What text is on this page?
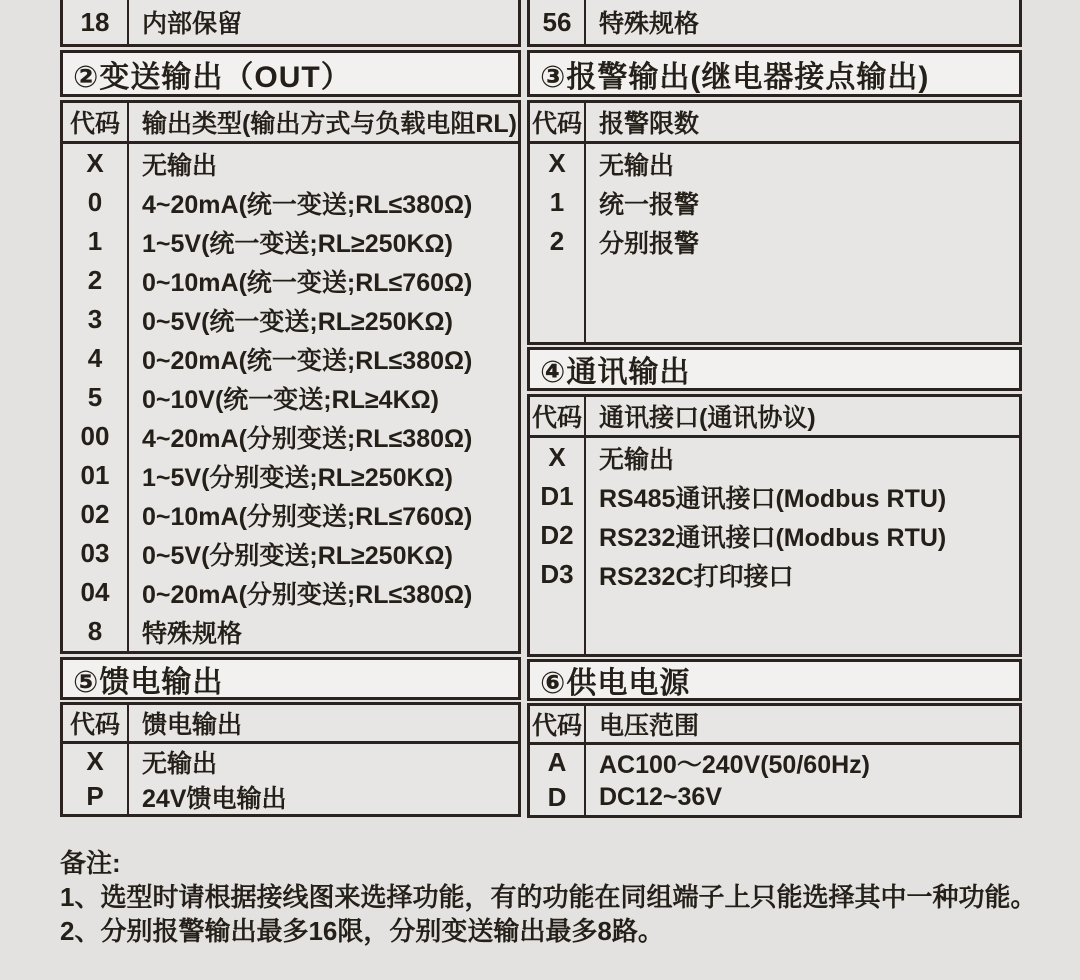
18	内部保留	56	特殊规格
②变送输出（OUT）
代码 输出类型(输出方式与负载电阻RL)
X	无输出
0	4~20mA(统一变送;RL≤380Ω)
1	1~5V(统一变送;RL≥250KΩ)
2	0~10mA(统一变送;RL≤760Ω)
3	0~5V(统一变送;RL≥250KΩ)
4	0~20mA(统一变送;RL≤380Ω)
5	0~10V(统一变送;RL≥4KΩ)
00	4~20mA(分别变送;RL≤380Ω)
01	1~5V(分别变送;RL≥250KΩ)
02	0~10mA(分别变送;RL≤760Ω)
03	0~5V(分别变送;RL≥250KΩ)
04	0~20mA(分别变送;RL≤380Ω)
8	特殊规格
③报警输出(继电器接点输出)
代码 报警限数
X	无输出
1	统一报警
2	分别报警
④通讯输出
代码 通讯接口(通讯协议)
X	无输出
D1	RS485通讯接口(Modbus RTU)
D2	RS232通讯接口(Modbus RTU)
D3	RS232C打印接口
⑤馈电输出
代码 馈电输出
X	无输出
P	24V馈电输出
⑥供电电源
代码 电压范围
A	AC100～240V(50/60Hz)
D	DC12~36V
备注:
1、选型时请根据接线图来选择功能，有的功能在同组端子上只能选择其中一种功能。
2、分别报警输出最多16限，分别变送输出最多8路。
